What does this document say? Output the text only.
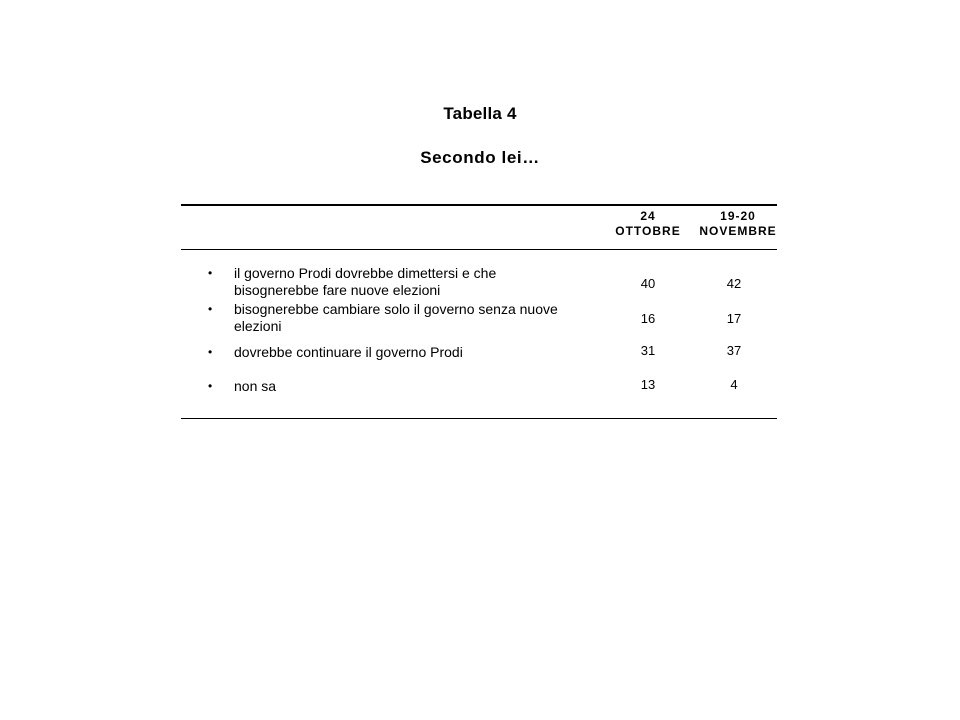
Tabella 4
Secondo lei…
24
OTTOBRE
19-20
NOVEMBRE
• il governo Prodi dovrebbe dimettersi e che
bisognerebbe fare nuove elezioni	40	42
• bisognerebbe cambiare solo il governo senza nuove
elezioni	16	17
• dovrebbe continuare il governo Prodi	31	37
• non sa	13	4
